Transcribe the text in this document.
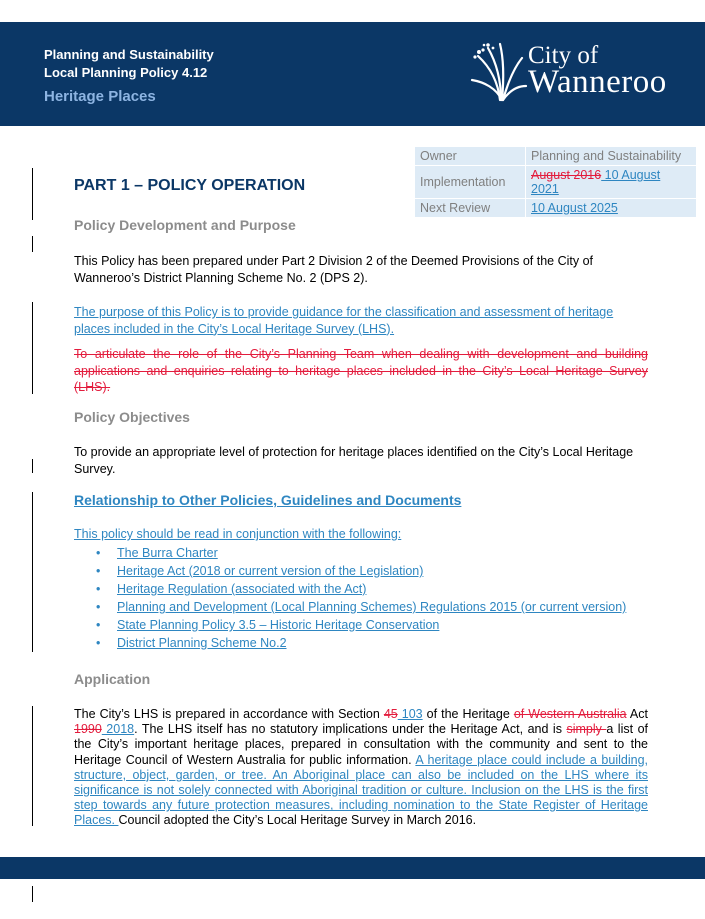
Planning and Sustainability
Local Planning Policy 4.12
Heritage Places
City of
Wanneroo
Owner	Planning and Sustainability
Implementation	August 2016 10 August 2021
Next Review	10 August 2025
PART 1 – POLICY OPERATION
Policy Development and Purpose
This Policy has been prepared under Part 2 Division 2 of the Deemed Provisions of the City of Wanneroo’s District Planning Scheme No. 2 (DPS 2).
The purpose of this Policy is to provide guidance for the classification and assessment of heritage places included in the City’s Local Heritage Survey (LHS).
To articulate the role of the City’s Planning Team when dealing with development and building applications and enquiries relating to heritage places included in the City’s Local Heritage Survey (LHS).
Policy Objectives
To provide an appropriate level of protection for heritage places identified on the City’s Local Heritage Survey.
Relationship to Other Policies, Guidelines and Documents
This policy should be read in conjunction with the following:
• The Burra Charter
• Heritage Act (2018 or current version of the Legislation)
• Heritage Regulation (associated with the Act)
• Planning and Development (Local Planning Schemes) Regulations 2015 (or current version)
• State Planning Policy 3.5 – Historic Heritage Conservation
• District Planning Scheme No.2
Application
The City’s LHS is prepared in accordance with Section 45 103 of the Heritage of Western Australia Act 1990 2018. The LHS itself has no statutory implications under the Heritage Act, and is simply a list of the City’s important heritage places, prepared in consultation with the community and sent to the Heritage Council of Western Australia for public information. A heritage place could include a building, structure, object, garden, or tree. An Aboriginal place can also be included on the LHS where its significance is not solely connected with Aboriginal tradition or culture. Inclusion on the LHS is the first step towards any future protection measures, including nomination to the State Register of Heritage Places. Council adopted the City’s Local Heritage Survey in March 2016.
